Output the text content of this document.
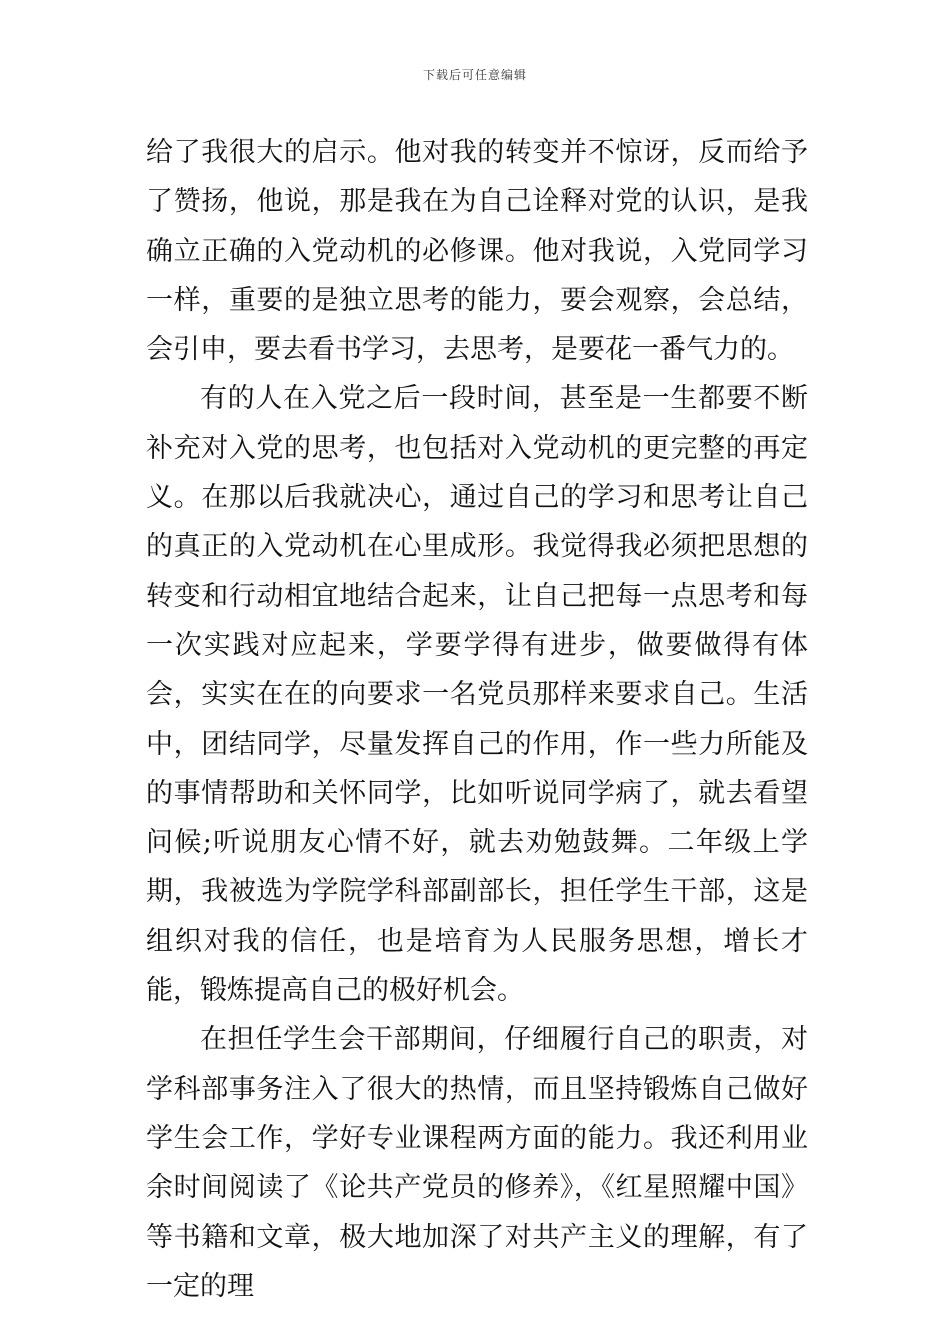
下载后可任意编辑

给了我很大的启示。他对我的转变并不惊讶，反而给予了赞扬，他说，那是我在为自己诠释对党的认识，是我确立正确的入党动机的必修课。他对我说，入党同学习一样，重要的是独立思考的能力，要会观察，会总结，会引申，要去看书学习，去思考，是要花一番气力的。

有的人在入党之后一段时间，甚至是一生都要不断补充对入党的思考，也包括对入党动机的更完整的再定义。在那以后我就决心，通过自己的学习和思考让自己的真正的入党动机在心里成形。我觉得我必须把思想的转变和行动相宜地结合起来，让自己把每一点思考和每一次实践对应起来，学要学得有进步，做要做得有体会，实实在在的向要求一名党员那样来要求自己。生活中，团结同学，尽量发挥自己的作用，作一些力所能及的事情帮助和关怀同学，比如听说同学病了，就去看望问候;听说朋友心情不好，就去劝勉鼓舞。二年级上学期，我被选为学院学科部副部长，担任学生干部，这是组织对我的信任，也是培育为人民服务思想，增长才能，锻炼提高自己的极好机会。

在担任学生会干部期间，仔细履行自己的职责，对学科部事务注入了很大的热情，而且坚持锻炼自己做好学生会工作，学好专业课程两方面的能力。我还利用业余时间阅读了《论共产党员的修养》，《红星照耀中国》等书籍和文章，极大地加深了对共产主义的理解，有了一定的理
